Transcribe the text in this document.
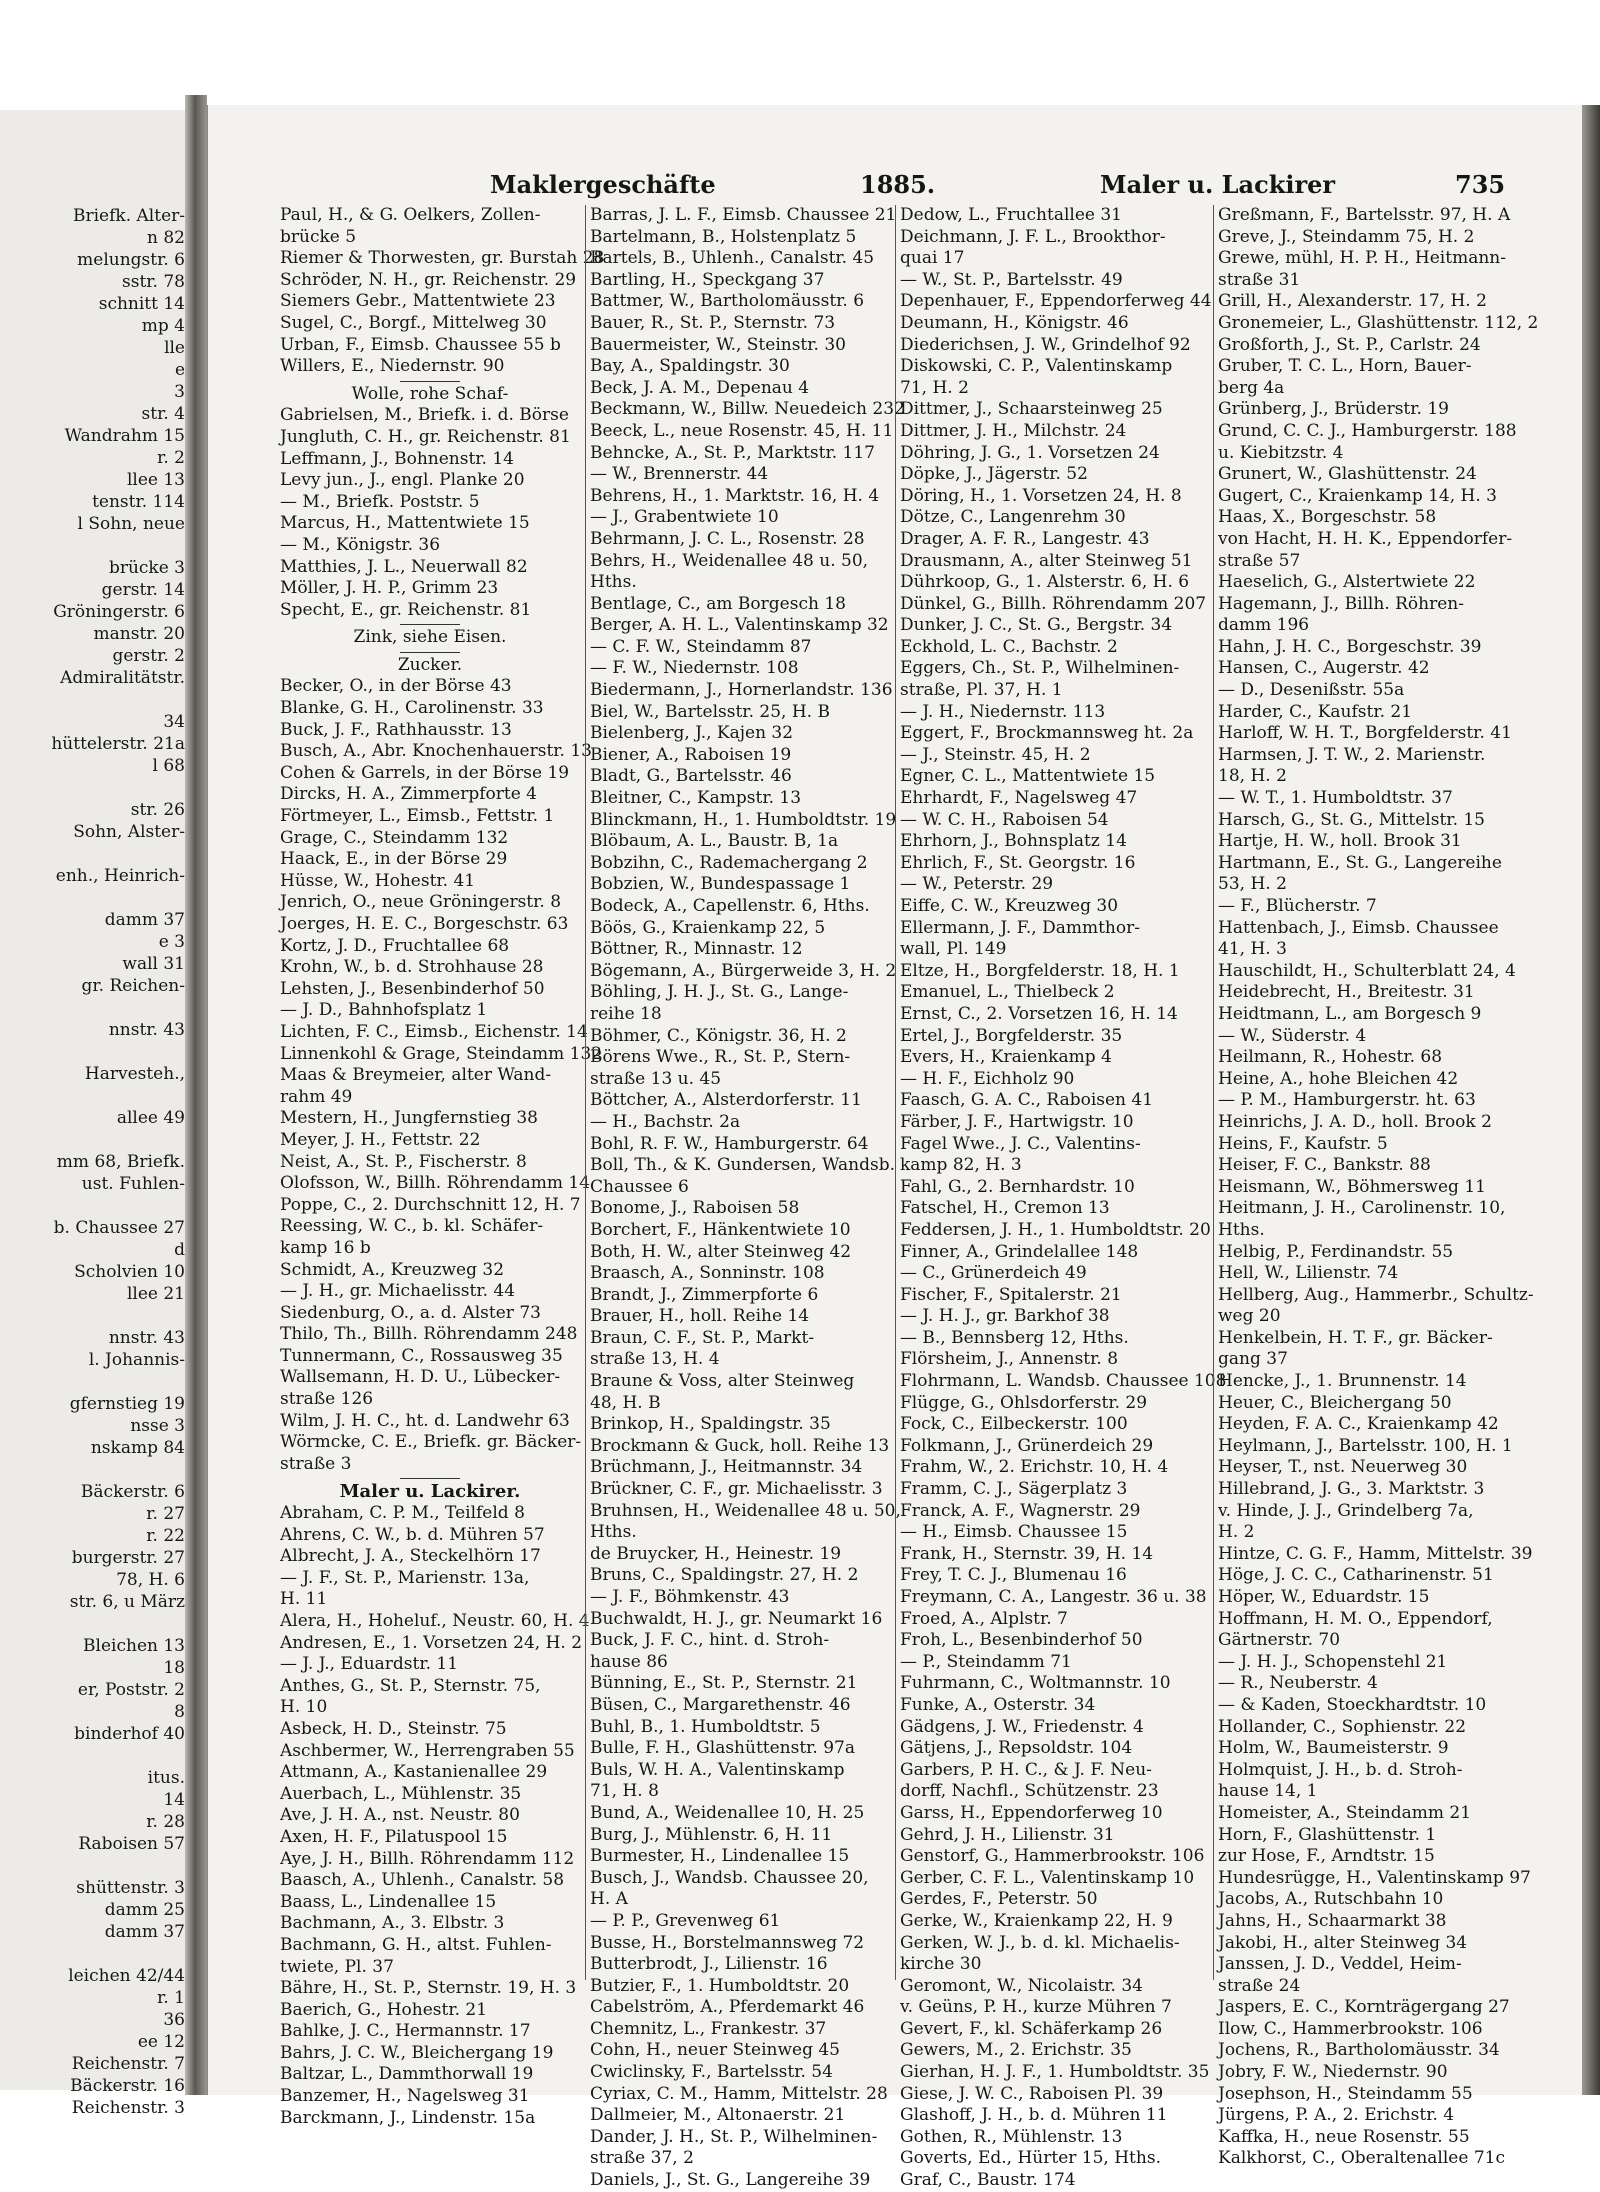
Briefk. Alter-
n 82
melungstr. 6
sstr. 78
schnitt 14
mp 4
lle
e
3
str. 4
Wandrahm 15
r. 2
llee 13
tenstr. 114
l Sohn, neue
brücke 3
gerstr. 14
Gröningerstr. 6
manstr. 20
gerstr. 2
Admiralitätstr.
34
hüttelerstr. 21a
l 68
str. 26
Sohn, Alster-
enh., Heinrich-
damm 37
e 3
wall 31
gr. Reichen-
nnstr. 43
Harvesteh.,
allee 49
mm 68, Briefk.
ust. Fuhlen-
b. Chaussee 27
d
Scholvien 10
llee 21
nnstr. 43
l. Johannis-
gfernstieg 19
nsse 3
nskamp 84
Bäckerstr. 6
r. 27
r. 22
burgerstr. 27
78, H. 6
str. 6, u März
Bleichen 13
18
er, Poststr. 2
8
binderhof 40
itus.
14
r. 28
Raboisen 57
shüttenstr. 3
damm 25
damm 37
leichen 42/44
r. 1
36
ee 12
Reichenstr. 7
Bäckerstr. 16
Reichenstr. 3
Maklergeschäfte	1885.	Maler u. Lackirer	735
Paul, H., & G. Oelkers, Zollen-
brücke 5
Riemer & Thorwesten, gr. Burstah 28
Schröder, N. H., gr. Reichenstr. 29
Siemers Gebr., Mattentwiete 23
Sugel, C., Borgf., Mittelweg 30
Urban, F., Eimsb. Chaussee 55 b
Willers, E., Niedernstr. 90
Wolle, rohe Schaf-
Gabrielsen, M., Briefk. i. d. Börse
Jungluth, C. H., gr. Reichenstr. 81
Leffmann, J., Bohnenstr. 14
Levy jun., J., engl. Planke 20
— M., Briefk. Poststr. 5
Marcus, H., Mattentwiete 15
— M., Königstr. 36
Matthies, J. L., Neuerwall 82
Möller, J. H. P., Grimm 23
Specht, E., gr. Reichenstr. 81
Zink, siehe Eisen.
Zucker.
Becker, O., in der Börse 43
Blanke, G. H., Carolinenstr. 33
Buck, J. F., Rathhausstr. 13
Busch, A., Abr. Knochenhauerstr. 13
Cohen & Garrels, in der Börse 19
Dircks, H. A., Zimmerpforte 4
Förtmeyer, L., Eimsb., Fettstr. 1
Grage, C., Steindamm 132
Haack, E., in der Börse 29
Hüsse, W., Hohestr. 41
Jenrich, O., neue Gröningerstr. 8
Joerges, H. E. C., Borgeschstr. 63
Kortz, J. D., Fruchtallee 68
Krohn, W., b. d. Strohhause 28
Lehsten, J., Besenbinderhof 50
— J. D., Bahnhofsplatz 1
Lichten, F. C., Eimsb., Eichenstr. 14
Linnenkohl & Grage, Steindamm 132
Maas & Breymeier, alter Wand-
rahm 49
Mestern, H., Jungfernstieg 38
Meyer, J. H., Fettstr. 22
Neist, A., St. P., Fischerstr. 8
Olofsson, W., Billh. Röhrendamm 14
Poppe, C., 2. Durchschnitt 12, H. 7
Reessing, W. C., b. kl. Schäfer-
kamp 16 b
Schmidt, A., Kreuzweg 32
— J. H., gr. Michaelisstr. 44
Siedenburg, O., a. d. Alster 73
Thilo, Th., Billh. Röhrendamm 248
Tunnermann, C., Rossausweg 35
Wallsemann, H. D. U., Lübecker-
straße 126
Wilm, J. H. C., ht. d. Landwehr 63
Wörmcke, C. E., Briefk. gr. Bäcker-
straße 3
Maler u. Lackirer.
Abraham, C. P. M., Teilfeld 8
Ahrens, C. W., b. d. Mühren 57
Albrecht, J. A., Steckelhörn 17
— J. F., St. P., Marienstr. 13a,
H. 11
Alera, H., Hoheluf., Neustr. 60, H. 4
Andresen, E., 1. Vorsetzen 24, H. 2
— J. J., Eduardstr. 11
Anthes, G., St. P., Sternstr. 75,
H. 10
Asbeck, H. D., Steinstr. 75
Aschbermer, W., Herrengraben 55
Attmann, A., Kastanienallee 29
Auerbach, L., Mühlenstr. 35
Ave, J. H. A., nst. Neustr. 80
Axen, H. F., Pilatuspool 15
Aye, J. H., Billh. Röhrendamm 112
Baasch, A., Uhlenh., Canalstr. 58
Baass, L., Lindenallee 15
Bachmann, A., 3. Elbstr. 3
Bachmann, G. H., altst. Fuhlen-
twiete, Pl. 37
Bähre, H., St. P., Sternstr. 19, H. 3
Baerich, G., Hohestr. 21
Bahlke, J. C., Hermannstr. 17
Bahrs, J. C. W., Bleichergang 19
Baltzar, L., Dammthorwall 19
Banzemer, H., Nagelsweg 31
Barckmann, J., Lindenstr. 15a
Barras, J. L. F., Eimsb. Chaussee 21
Bartelmann, B., Holstenplatz 5
Bartels, B., Uhlenh., Canalstr. 45
Bartling, H., Speckgang 37
Battmer, W., Bartholomäusstr. 6
Bauer, R., St. P., Sternstr. 73
Bauermeister, W., Steinstr. 30
Bay, A., Spaldingstr. 30
Beck, J. A. M., Depenau 4
Beckmann, W., Billw. Neuedeich 232
Beeck, L., neue Rosenstr. 45, H. 11
Behncke, A., St. P., Marktstr. 117
— W., Brennerstr. 44
Behrens, H., 1. Marktstr. 16, H. 4
— J., Grabentwiete 10
Behrmann, J. C. L., Rosenstr. 28
Behrs, H., Weidenallee 48 u. 50,
Hths.
Bentlage, C., am Borgesch 18
Berger, A. H. L., Valentinskamp 32
— C. F. W., Steindamm 87
— F. W., Niedernstr. 108
Biedermann, J., Hornerlandstr. 136
Biel, W., Bartelsstr. 25, H. B
Bielenberg, J., Kajen 32
Biener, A., Raboisen 19
Bladt, G., Bartelsstr. 46
Bleitner, C., Kampstr. 13
Blinckmann, H., 1. Humboldtstr. 19
Blöbaum, A. L., Baustr. B, 1a
Bobzihn, C., Rademachergang 2
Bobzien, W., Bundespassage 1
Bodeck, A., Capellenstr. 6, Hths.
Böös, G., Kraienkamp 22, 5
Böttner, R., Minnastr. 12
Bögemann, A., Bürgerweide 3, H. 2
Böhling, J. H. J., St. G., Lange-
reihe 18
Böhmer, C., Königstr. 36, H. 2
Börens Wwe., R., St. P., Stern-
straße 13 u. 45
Böttcher, A., Alsterdorferstr. 11
— H., Bachstr. 2a
Bohl, R. F. W., Hamburgerstr. 64
Boll, Th., & K. Gundersen, Wandsb.
Chaussee 6
Bonome, J., Raboisen 58
Borchert, F., Hänkentwiete 10
Both, H. W., alter Steinweg 42
Braasch, A., Sonninstr. 108
Brandt, J., Zimmerpforte 6
Brauer, H., holl. Reihe 14
Braun, C. F., St. P., Markt-
straße 13, H. 4
Braune & Voss, alter Steinweg
48, H. B
Brinkop, H., Spaldingstr. 35
Brockmann & Guck, holl. Reihe 13
Brüchmann, J., Heitmannstr. 34
Brückner, C. F., gr. Michaelisstr. 3
Bruhnsen, H., Weidenallee 48 u. 50,
Hths.
de Bruycker, H., Heinestr. 19
Bruns, C., Spaldingstr. 27, H. 2
— J. F., Böhmkenstr. 43
Buchwaldt, H. J., gr. Neumarkt 16
Buck, J. F. C., hint. d. Stroh-
hause 86
Bünning, E., St. P., Sternstr. 21
Büsen, C., Margarethenstr. 46
Buhl, B., 1. Humboldtstr. 5
Bulle, F. H., Glashüttenstr. 97a
Buls, W. H. A., Valentinskamp
71, H. 8
Bund, A., Weidenallee 10, H. 25
Burg, J., Mühlenstr. 6, H. 11
Burmester, H., Lindenallee 15
Busch, J., Wandsb. Chaussee 20,
H. A
— P. P., Grevenweg 61
Busse, H., Borstelmannsweg 72
Butterbrodt, J., Lilienstr. 16
Butzier, F., 1. Humboldtstr. 20
Cabelström, A., Pferdemarkt 46
Chemnitz, L., Frankestr. 37
Cohn, H., neuer Steinweg 45
Cwiclinsky, F., Bartelsstr. 54
Cyriax, C. M., Hamm, Mittelstr. 28
Dallmeier, M., Altonaerstr. 21
Dander, J. H., St. P., Wilhelminen-
straße 37, 2
Daniels, J., St. G., Langereihe 39
Dedow, L., Fruchtallee 31
Deichmann, J. F. L., Brookthor-
quai 17
— W., St. P., Bartelsstr. 49
Depenhauer, F., Eppendorferweg 44
Deumann, H., Königstr. 46
Diederichsen, J. W., Grindelhof 92
Diskowski, C. P., Valentinskamp
71, H. 2
Dittmer, J., Schaarsteinweg 25
Dittmer, J. H., Milchstr. 24
Döhring, J. G., 1. Vorsetzen 24
Döpke, J., Jägerstr. 52
Döring, H., 1. Vorsetzen 24, H. 8
Dötze, C., Langenrehm 30
Drager, A. F. R., Langestr. 43
Drausmann, A., alter Steinweg 51
Dührkoop, G., 1. Alsterstr. 6, H. 6
Dünkel, G., Billh. Röhrendamm 207
Dunker, J. C., St. G., Bergstr. 34
Eckhold, L. C., Bachstr. 2
Eggers, Ch., St. P., Wilhelminen-
straße, Pl. 37, H. 1
— J. H., Niedernstr. 113
Eggert, F., Brockmannsweg ht. 2a
— J., Steinstr. 45, H. 2
Egner, C. L., Mattentwiete 15
Ehrhardt, F., Nagelsweg 47
— W. C. H., Raboisen 54
Ehrhorn, J., Bohnsplatz 14
Ehrlich, F., St. Georgstr. 16
— W., Peterstr. 29
Eiffe, C. W., Kreuzweg 30
Ellermann, J. F., Dammthor-
wall, Pl. 149
Eltze, H., Borgfelderstr. 18, H. 1
Emanuel, L., Thielbeck 2
Ernst, C., 2. Vorsetzen 16, H. 14
Ertel, J., Borgfelderstr. 35
Evers, H., Kraienkamp 4
— H. F., Eichholz 90
Faasch, G. A. C., Raboisen 41
Färber, J. F., Hartwigstr. 10
Fagel Wwe., J. C., Valentins-
kamp 82, H. 3
Fahl, G., 2. Bernhardstr. 10
Fatschel, H., Cremon 13
Feddersen, J. H., 1. Humboldtstr. 20
Finner, A., Grindelallee 148
— C., Grünerdeich 49
Fischer, F., Spitalerstr. 21
— J. H. J., gr. Barkhof 38
— B., Bennsberg 12, Hths.
Flörsheim, J., Annenstr. 8
Flohrmann, L. Wandsb. Chaussee 108
Flügge, G., Ohlsdorferstr. 29
Fock, C., Eilbeckerstr. 100
Folkmann, J., Grünerdeich 29
Frahm, W., 2. Erichstr. 10, H. 4
Framm, C. J., Sägerplatz 3
Franck, A. F., Wagnerstr. 29
— H., Eimsb. Chaussee 15
Frank, H., Sternstr. 39, H. 14
Frey, T. C. J., Blumenau 16
Freymann, C. A., Langestr. 36 u. 38
Froed, A., Alplstr. 7
Froh, L., Besenbinderhof 50
— P., Steindamm 71
Fuhrmann, C., Woltmannstr. 10
Funke, A., Osterstr. 34
Gädgens, J. W., Friedenstr. 4
Gätjens, J., Repsoldstr. 104
Garbers, P. H. C., & J. F. Neu-
dorff, Nachfl., Schützenstr. 23
Garss, H., Eppendorferweg 10
Gehrd, J. H., Lilienstr. 31
Genstorf, G., Hammerbrookstr. 106
Gerber, C. F. L., Valentinskamp 10
Gerdes, F., Peterstr. 50
Gerke, W., Kraienkamp 22, H. 9
Gerken, W. J., b. d. kl. Michaelis-
kirche 30
Geromont, W., Nicolaistr. 34
v. Geüns, P. H., kurze Mühren 7
Gevert, F., kl. Schäferkamp 26
Gewers, M., 2. Erichstr. 35
Gierhan, H. J. F., 1. Humboldtstr. 35
Giese, J. W. C., Raboisen Pl. 39
Glashoff, J. H., b. d. Mühren 11
Gothen, R., Mühlenstr. 13
Goverts, Ed., Hürter 15, Hths.
Graf, C., Baustr. 174
Greßmann, F., Bartelsstr. 97, H. A
Greve, J., Steindamm 75, H. 2
Grewe, mühl, H. P. H., Heitmann-
straße 31
Grill, H., Alexanderstr. 17, H. 2
Gronemeier, L., Glashüttenstr. 112, 2
Großforth, J., St. P., Carlstr. 24
Gruber, T. C. L., Horn, Bauer-
berg 4a
Grünberg, J., Brüderstr. 19
Grund, C. C. J., Hamburgerstr. 188
u. Kiebitzstr. 4
Grunert, W., Glashüttenstr. 24
Gugert, C., Kraienkamp 14, H. 3
Haas, X., Borgeschstr. 58
von Hacht, H. H. K., Eppendorfer-
straße 57
Haeselich, G., Alstertwiete 22
Hagemann, J., Billh. Röhren-
damm 196
Hahn, J. H. C., Borgeschstr. 39
Hansen, C., Augerstr. 42
— D., Desenißstr. 55a
Harder, C., Kaufstr. 21
Harloff, W. H. T., Borgfelderstr. 41
Harmsen, J. T. W., 2. Marienstr.
18, H. 2
— W. T., 1. Humboldtstr. 37
Harsch, G., St. G., Mittelstr. 15
Hartje, H. W., holl. Brook 31
Hartmann, E., St. G., Langereihe
53, H. 2
— F., Blücherstr. 7
Hattenbach, J., Eimsb. Chaussee
41, H. 3
Hauschildt, H., Schulterblatt 24, 4
Heidebrecht, H., Breitestr. 31
Heidtmann, L., am Borgesch 9
— W., Süderstr. 4
Heilmann, R., Hohestr. 68
Heine, A., hohe Bleichen 42
— P. M., Hamburgerstr. ht. 63
Heinrichs, J. A. D., holl. Brook 2
Heins, F., Kaufstr. 5
Heiser, F. C., Bankstr. 88
Heismann, W., Böhmersweg 11
Heitmann, J. H., Carolinenstr. 10,
Hths.
Helbig, P., Ferdinandstr. 55
Hell, W., Lilienstr. 74
Hellberg, Aug., Hammerbr., Schultz-
weg 20
Henkelbein, H. T. F., gr. Bäcker-
gang 37
Hencke, J., 1. Brunnenstr. 14
Heuer, C., Bleichergang 50
Heyden, F. A. C., Kraienkamp 42
Heylmann, J., Bartelsstr. 100, H. 1
Heyser, T., nst. Neuerweg 30
Hillebrand, J. G., 3. Marktstr. 3
v. Hinde, J. J., Grindelberg 7a,
H. 2
Hintze, C. G. F., Hamm, Mittelstr. 39
Höge, J. C. C., Catharinenstr. 51
Höper, W., Eduardstr. 15
Hoffmann, H. M. O., Eppendorf,
Gärtnerstr. 70
— J. H. J., Schopenstehl 21
— R., Neuberstr. 4
— & Kaden, Stoeckhardtstr. 10
Hollander, C., Sophienstr. 22
Holm, W., Baumeisterstr. 9
Holmquist, J. H., b. d. Stroh-
hause 14, 1
Homeister, A., Steindamm 21
Horn, F., Glashüttenstr. 1
zur Hose, F., Arndtstr. 15
Hundesrügge, H., Valentinskamp 97
Jacobs, A., Rutschbahn 10
Jahns, H., Schaarmarkt 38
Jakobi, H., alter Steinweg 34
Janssen, J. D., Veddel, Heim-
straße 24
Jaspers, E. C., Kornträgergang 27
Ilow, C., Hammerbrookstr. 106
Jochens, R., Bartholomäusstr. 34
Jobry, F. W., Niedernstr. 90
Josephson, H., Steindamm 55
Jürgens, P. A., 2. Erichstr. 4
Kaffka, H., neue Rosenstr. 55
Kalkhorst, C., Oberaltenallee 71c
